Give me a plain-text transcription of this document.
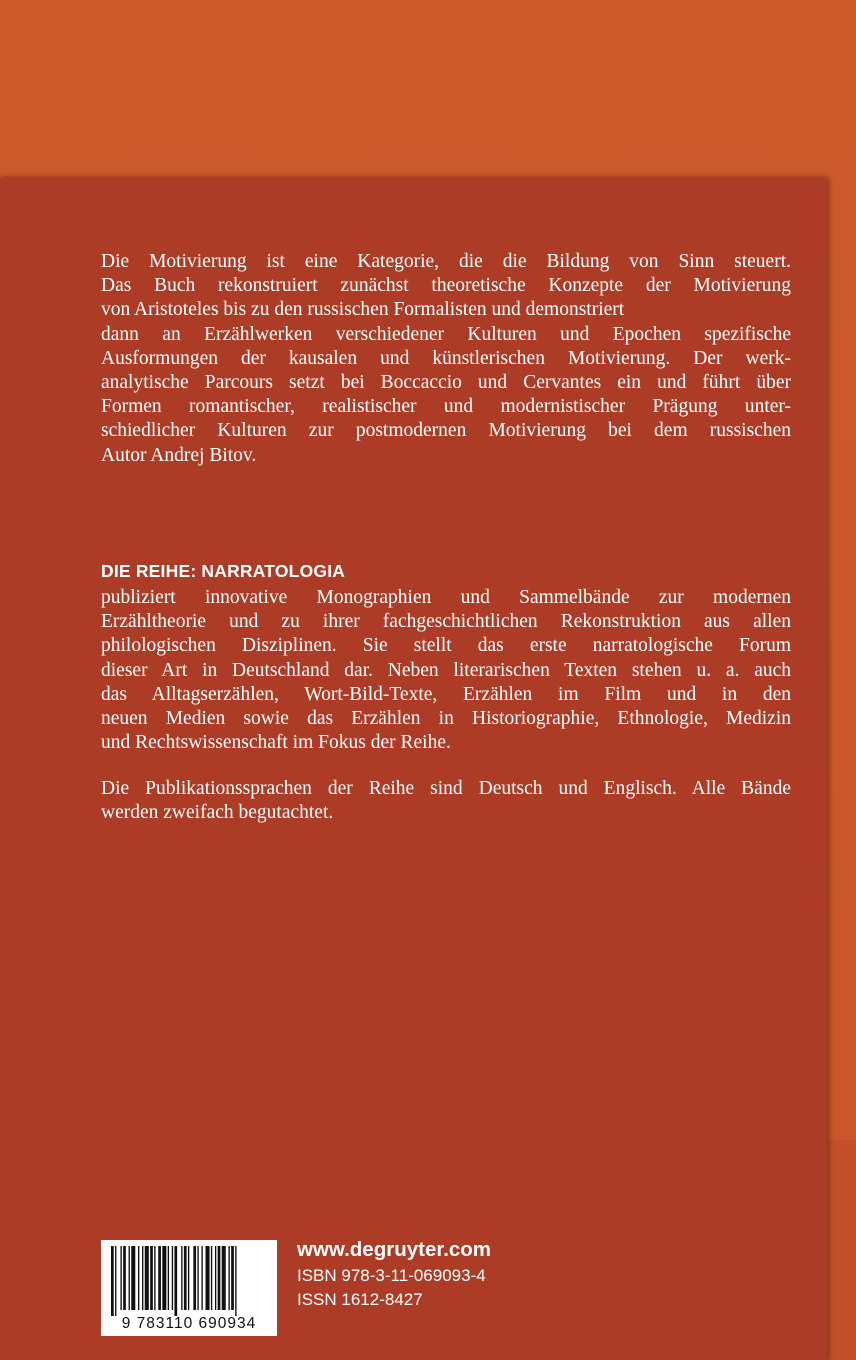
Die Motivierung ist eine Kategorie, die die Bildung von Sinn steuert.
Das Buch rekonstruiert zunächst theoretische Konzepte der Motivierung
von Aristoteles bis zu den russischen Formalisten und demonstriert
dann an Erzählwerken verschiedener Kulturen und Epochen spezifische
Ausformungen der kausalen und künstlerischen Motivierung. Der werk-
analytische Parcours setzt bei Boccaccio und Cervantes ein und führt über
Formen romantischer, realistischer und modernistischer Prägung unter-
schiedlicher Kulturen zur postmodernen Motivierung bei dem russischen
Autor Andrej Bitov.

DIE REIHE: NARRATOLOGIA

publiziert innovative Monographien und Sammelbände zur modernen
Erzähltheorie und zu ihrer fachgeschichtlichen Rekonstruktion aus allen
philologischen Disziplinen. Sie stellt das erste narratologische Forum
dieser Art in Deutschland dar. Neben literarischen Texten stehen u. a. auch
das Alltagserzählen, Wort-Bild-Texte, Erzählen im Film und in den
neuen Medien sowie das Erzählen in Historiographie, Ethnologie, Medizin
und Rechtswissenschaft im Fokus der Reihe.

Die Publikationssprachen der Reihe sind Deutsch und Englisch. Alle Bände
werden zweifach begutachtet.

9 783110 690934
www.degruyter.com
ISBN 978-3-11-069093-4
ISSN 1612-8427
